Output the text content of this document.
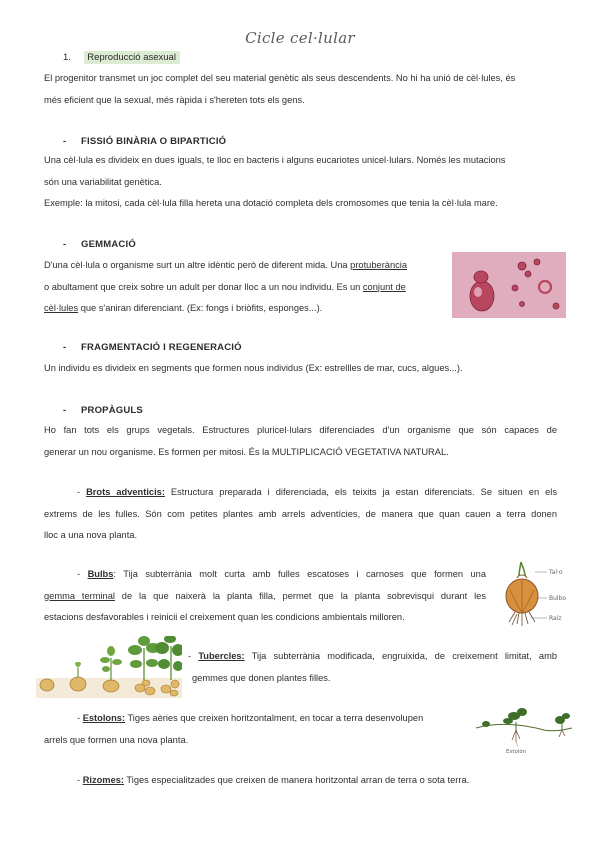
Cicle cel·lular
1. Reproducció asexual
El progenitor transmet un joc complet del seu material genètic als seus descendents. No hi ha unió de cèl·lules, és
més eficient que la sexual, més ràpida i s'hereten tots els gens.
- FISSIÓ BINÀRIA O BIPARTICIÓ
Una cèl·lula es divideix en dues iguals, te lloc en bacteris i alguns eucariotes unicel·lulars. Només les mutacions
són una variabilitat genètica.
Exemple: la mitosi, cada cèl·lula filla hereta una dotació completa dels cromosomes que tenia la cèl·lula mare.
- GEMMACIÓ
D'una cèl·lula o organisme surt un altre idèntic però de diferent mida. Una protuberància
o abultament que creix sobre un adult per donar lloc a un nou individu. Es un conjunt de
cèl·lules que s'aniran diferenciant. (Ex: fongs i briòfits, esponges...).
- FRAGMENTACIÓ I REGENERACIÓ
Un individu es divideix en segments que formen nous individus (Ex: estrellles de mar, cucs, algues...).
- PROPÀGULS
Ho fan tots els grups vegetals. Estructures pluricel·lulars diferenciades d'un organisme que són capaces de
generar un nou organisme. Es formen per mitosi. És la MULTIPLICACIÓ VEGETATIVA NATURAL.
- Brots adventicis: Estructura preparada i diferenciada, els teixits ja estan diferenciats. Se situen en els
extrems de les fulles. Són com petites plantes amb arrels adventícies, de manera que quan cauen a terra donen
lloc a una nova planta.
- Bulbs: Tija subterrània molt curta amb fulles escatoses i carnoses que formen una
gemma terminal de la que naixerà la planta filla, permet que la planta sobrevisqui durant les
estacions desfavorables i reinicii el creixement quan les condicions ambientals milloren.
Tal·o
Bulbo
Raíz
- Tubercles: Tija subterrània modificada, engruixida, de creixement limitat, amb
gemmes que donen plantes filles.
- Estolons: Tiges aèries que creixen horitzontalment, en tocar a terra desenvolupen
arrels que formen una nova planta.
Estolón
- Rizomes: Tiges especialitzades que creixen de manera horitzontal arran de terra o sota terra.
